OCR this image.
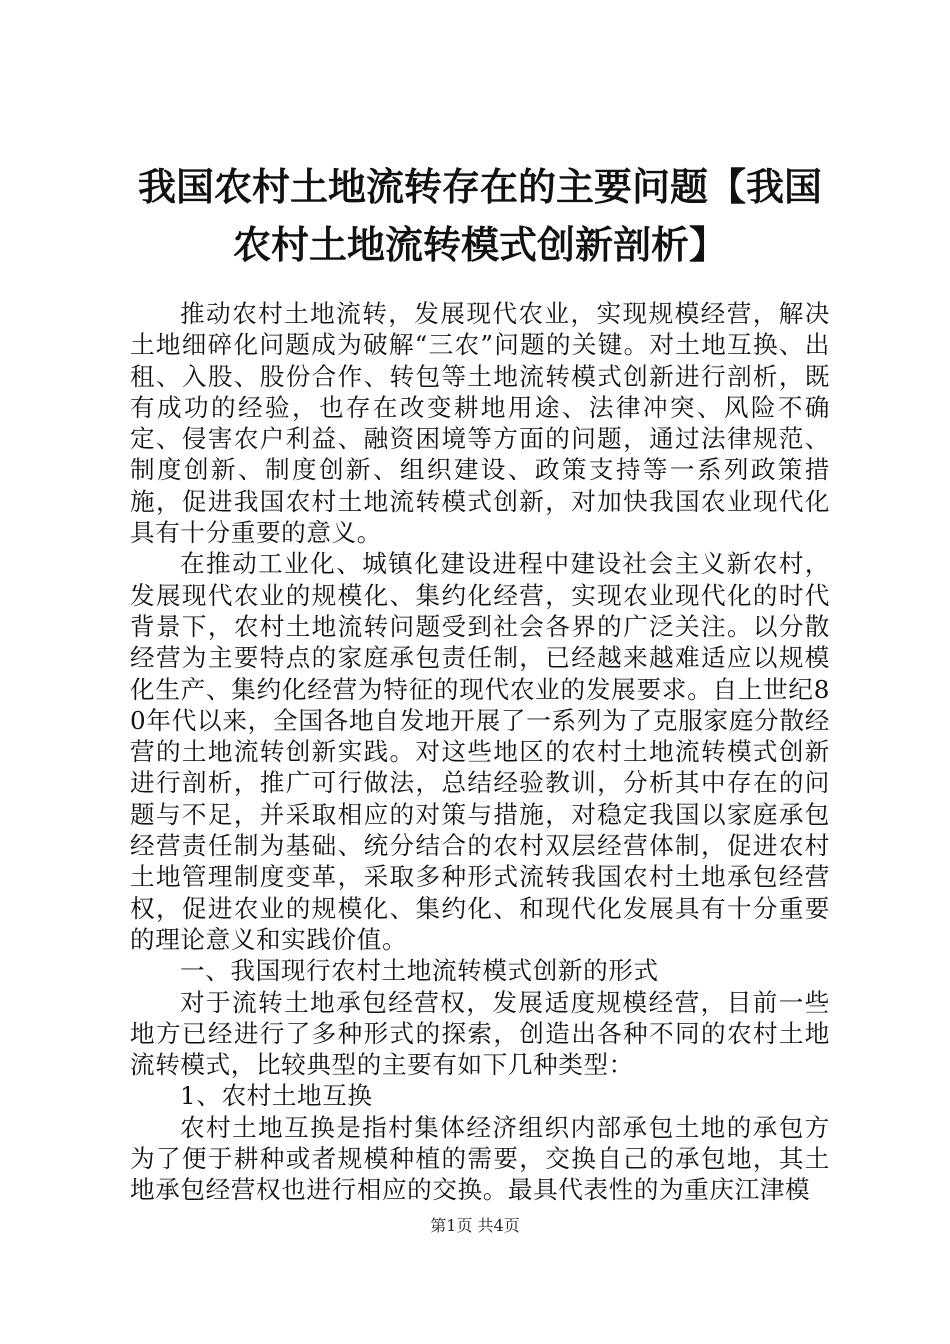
我国农村土地流转存在的主要问题【我国农村土地流转模式创新剖析】

推动农村土地流转，发展现代农业，实现规模经营，解决土地细碎化问题成为破解“三农”问题的关键。对土地互换、出租、入股、股份合作、转包等土地流转模式创新进行剖析，既有成功的经验，也存在改变耕地用途、法律冲突、风险不确定、侵害农户利益、融资困境等方面的问题，通过法律规范、制度创新、制度创新、组织建设、政策支持等一系列政策措施，促进我国农村土地流转模式创新，对加快我国农业现代化具有十分重要的意义。

在推动工业化、城镇化建设进程中建设社会主义新农村，发展现代农业的规模化、集约化经营，实现农业现代化的时代背景下，农村土地流转问题受到社会各界的广泛关注。以分散经营为主要特点的家庭承包责任制，已经越来越难适应以规模化生产、集约化经营为特征的现代农业的发展要求。自上世纪80年代以来，全国各地自发地开展了一系列为了克服家庭分散经营的土地流转创新实践。对这些地区的农村土地流转模式创新进行剖析，推广可行做法，总结经验教训，分析其中存在的问题与不足，并采取相应的对策与措施，对稳定我国以家庭承包经营责任制为基础、统分结合的农村双层经营体制，促进农村土地管理制度变革，采取多种形式流转我国农村土地承包经营权，促进农业的规模化、集约化、和现代化发展具有十分重要的理论意义和实践价值。

一、我国现行农村土地流转模式创新的形式

对于流转土地承包经营权，发展适度规模经营，目前一些地方已经进行了多种形式的探索，创造出各种不同的农村土地流转模式，比较典型的主要有如下几种类型：

1、农村土地互换

农村土地互换是指村集体经济组织内部承包土地的承包方为了便于耕种或者规模种植的需要，交换自己的承包地，其土地承包经营权也进行相应的交换。最具代表性的为重庆江津模

第1页 共4页
